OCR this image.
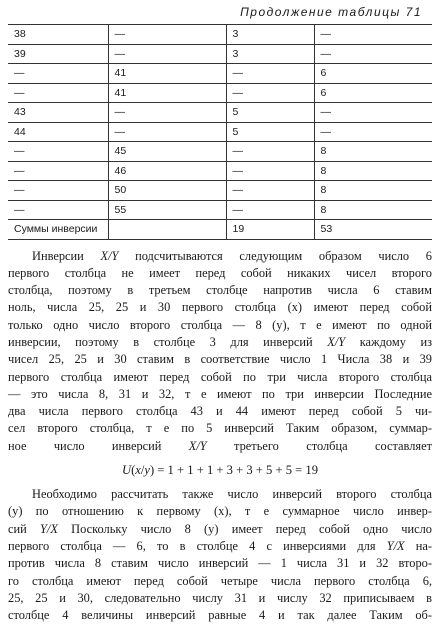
Продолжение таблицы 71
38	—	3	—
39	—	3	—
—	41	—	6
—	41	—	6
43	—	5	—
44	—	5	—
—	45	—	8
—	46	—	8
—	50	—	8
—	55	—	8
Суммы инверсии		19	53
Инверсии X/Y подсчитываются следующим образом число 6
первого столбца не имеет перед собой никаких чисел второго
столбца, поэтому в третьем столбце напротив числа 6 ставим
ноль, числа 25, 25 и 30 первого столбца (x) имеют перед собой
только одно число второго столбца — 8 (y), т е имеют по одной
инверсии, поэтому в столбце 3 для инверсий X/Y каждому из
чисел 25, 25 и 30 ставим в соответствие число 1 Числа 38 и 39
первого столбца имеют перед собой по три числа второго столбца
— это числа 8, 31 и 32, т е имеют по три инверсии Последние
два числа первого столбца 43 и 44 имеют перед собой 5 чи-
сел второго столбца, т е по 5 инверсий Таким образом, суммар-
ное число инверсий X/Y третьего столбца составляет
U(x/y) = 1 + 1 + 1 + 3 + 3 + 5 + 5 = 19
Необходимо рассчитать также число инверсий второго столбца
(y) по отношению к первому (x), т е суммарное число инвер-
сий Y/X Поскольку число 8 (y) имеет перед собой одно число
первого столбца — 6, то в столбце 4 с инверсиями для Y/X на-
против числа 8 ставим число инверсий — 1 числа 31 и 32 второ-
го столбца имеют перед собой четыре числа первого столбца 6,
25, 25 и 30, следовательно числу 31 и числу 32 приписываем в
столбце 4 величины инверсий равные 4 и так далее Таким об-
